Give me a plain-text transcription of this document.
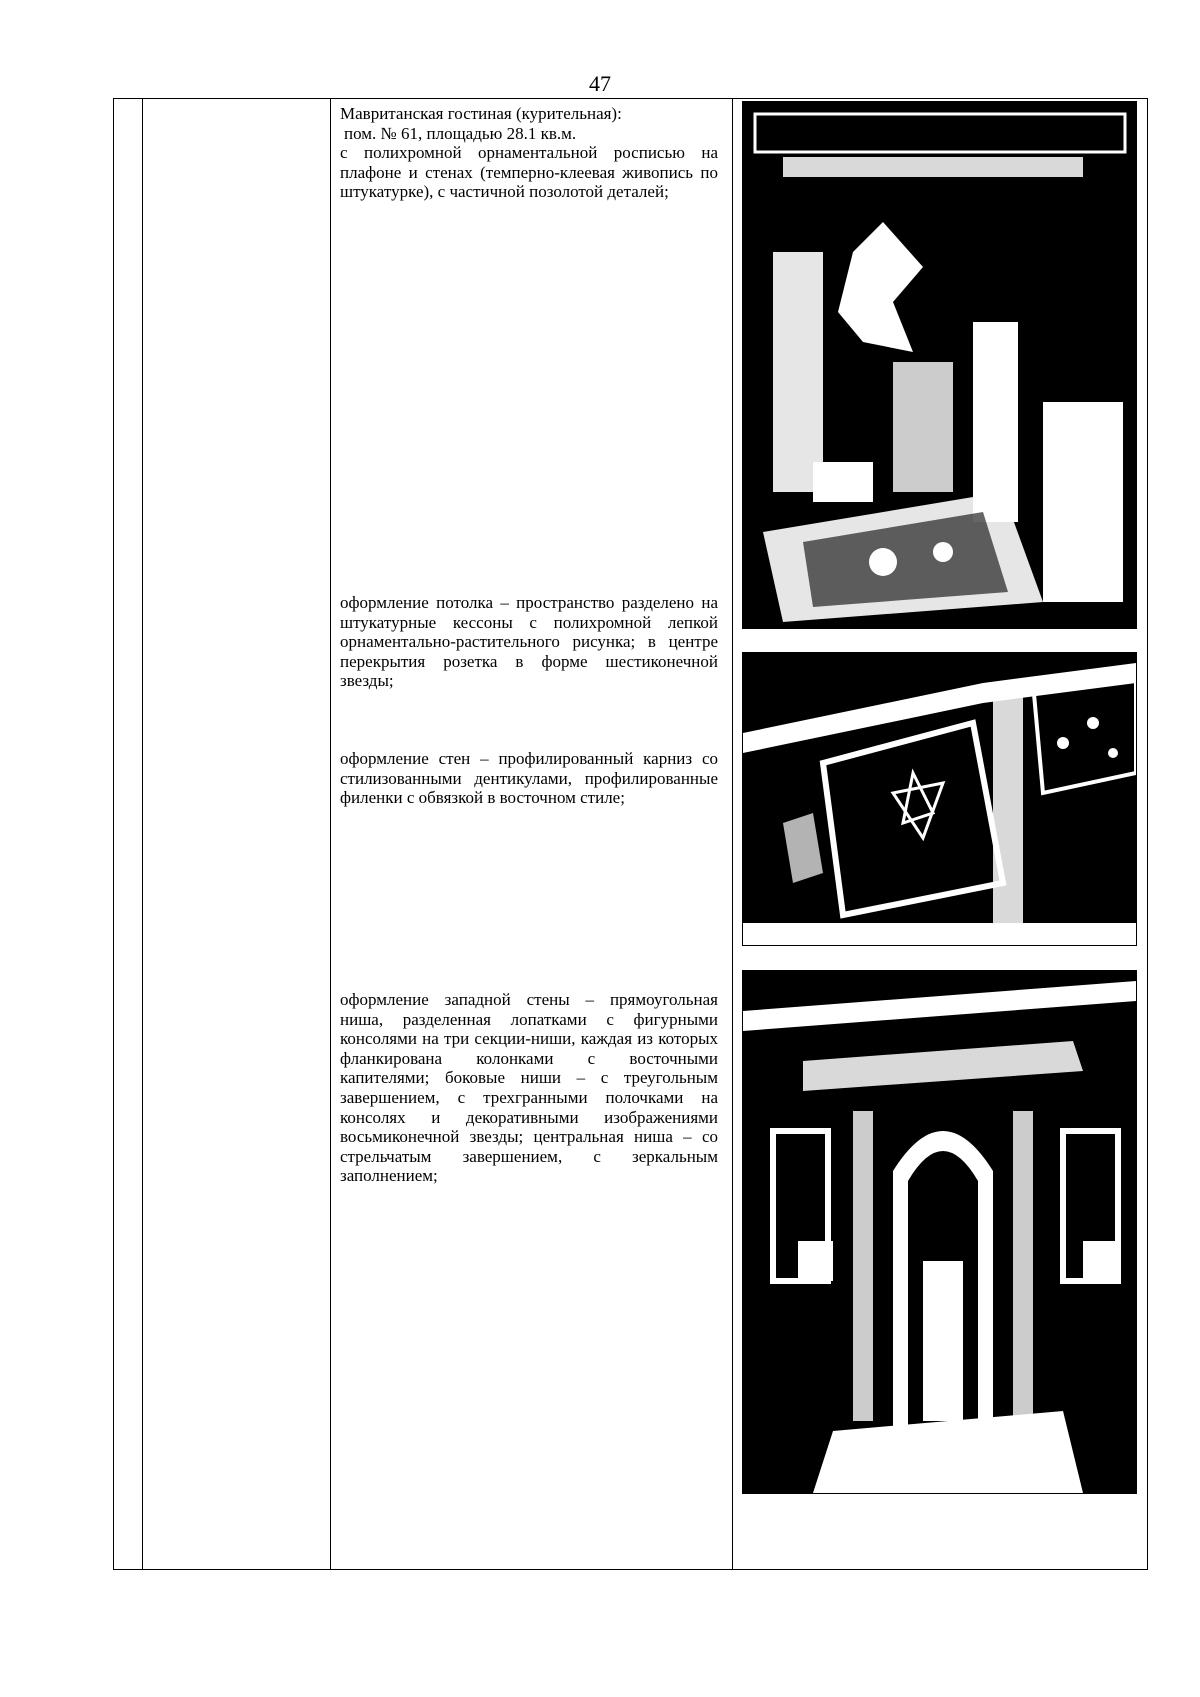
47

Мавританская гостиная (курительная):

пом. № 61, площадью 28.1 кв.м.

с полихромной орнаментальной росписью на плафоне и стенах (темперно-клеевая живопись по штукатурке), с частичной позолотой деталей;

оформление потолка – пространство разделено на штукатурные кессоны с полихромной лепкой орнаментально-растительного рисунка; в центре перекрытия розетка в форме шестиконечной звезды;

оформление стен – профилированный карниз со стилизованными дентикулами, профилированные филенки с обвязкой в восточном стиле;

оформление западной стены – прямоугольная ниша, разделенная лопатками с фигурными консолями на три секции-ниши, каждая из которых фланкирована колонками с восточными капителями; боковые ниши – с треугольным завершением, с трехгранными полочками на консолях и декоративными изображениями восьмиконечной звезды; центральная ниша – со стрельчатым завершением, с зеркальным заполнением;
